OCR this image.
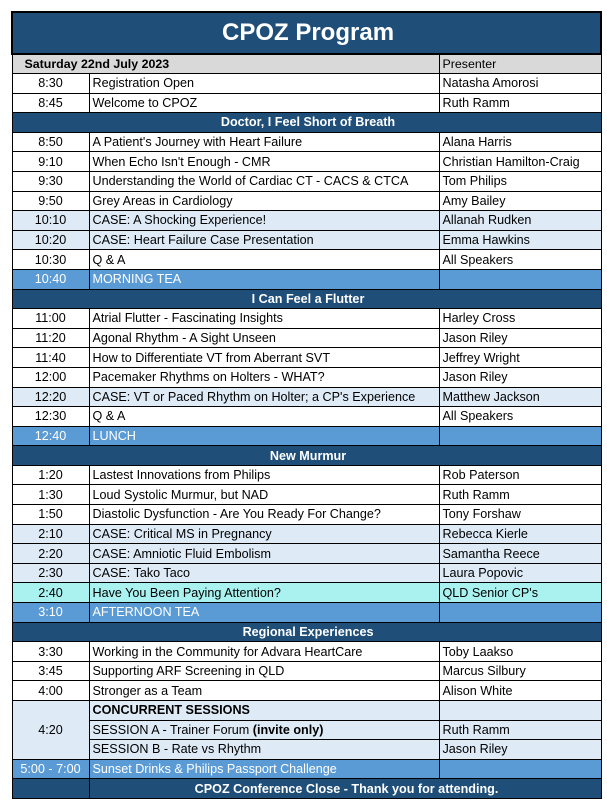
CPOZ Program		
Saturday 22nd July 2023		Presenter
8:30	Registration Open	Natasha Amorosi
8:45	Welcome to CPOZ	Ruth Ramm
Doctor, I Feel Short of Breath		
8:50	A Patient's Journey with Heart Failure	Alana Harris
9:10	When Echo Isn't Enough - CMR	Christian Hamilton-Craig
9:30	Understanding the World of Cardiac CT - CACS & CTCA	Tom Philips
9:50	Grey Areas in Cardiology	Amy Bailey
10:10	CASE: A Shocking Experience!	Allanah Rudken
10:20	CASE: Heart Failure Case Presentation	Emma Hawkins
10:30	Q & A	All Speakers
10:40	MORNING TEA	
I Can Feel a Flutter		
11:00	Atrial Flutter - Fascinating Insights	Harley Cross
11:20	Agonal Rhythm - A Sight Unseen	Jason Riley
11:40	How to Differentiate VT from Aberrant SVT	Jeffrey Wright
12:00	Pacemaker Rhythms on Holters - WHAT?	Jason Riley
12:20	CASE: VT or Paced Rhythm on Holter; a CP's Experience	Matthew Jackson
12:30	Q & A	All Speakers
12:40	LUNCH	
New Murmur		
1:20	Lastest Innovations from Philips	Rob Paterson
1:30	Loud Systolic Murmur, but NAD	Ruth Ramm
1:50	Diastolic Dysfunction - Are You Ready For Change?	Tony Forshaw
2:10	CASE: Critical MS in Pregnancy	Rebecca Kierle
2:20	CASE: Amniotic Fluid Embolism	Samantha Reece
2:30	CASE: Tako Taco	Laura Popovic
2:40	Have You Been Paying Attention?	QLD Senior CP's
3:10	AFTERNOON TEA	
Regional Experiences		
3:30	Working in the Community for Advara HeartCare	Toby Laakso
3:45	Supporting ARF Screening in QLD	Marcus Silbury
4:00	Stronger as a Team	Alison White
4:20	CONCURRENT SESSIONS	
	SESSION A - Trainer Forum (invite only)	Ruth Ramm
	SESSION B - Rate vs Rhythm	Jason Riley
5:00 - 7:00	Sunset Drinks & Philips Passport Challenge	
	CPOZ Conference Close - Thank you for attending.	
